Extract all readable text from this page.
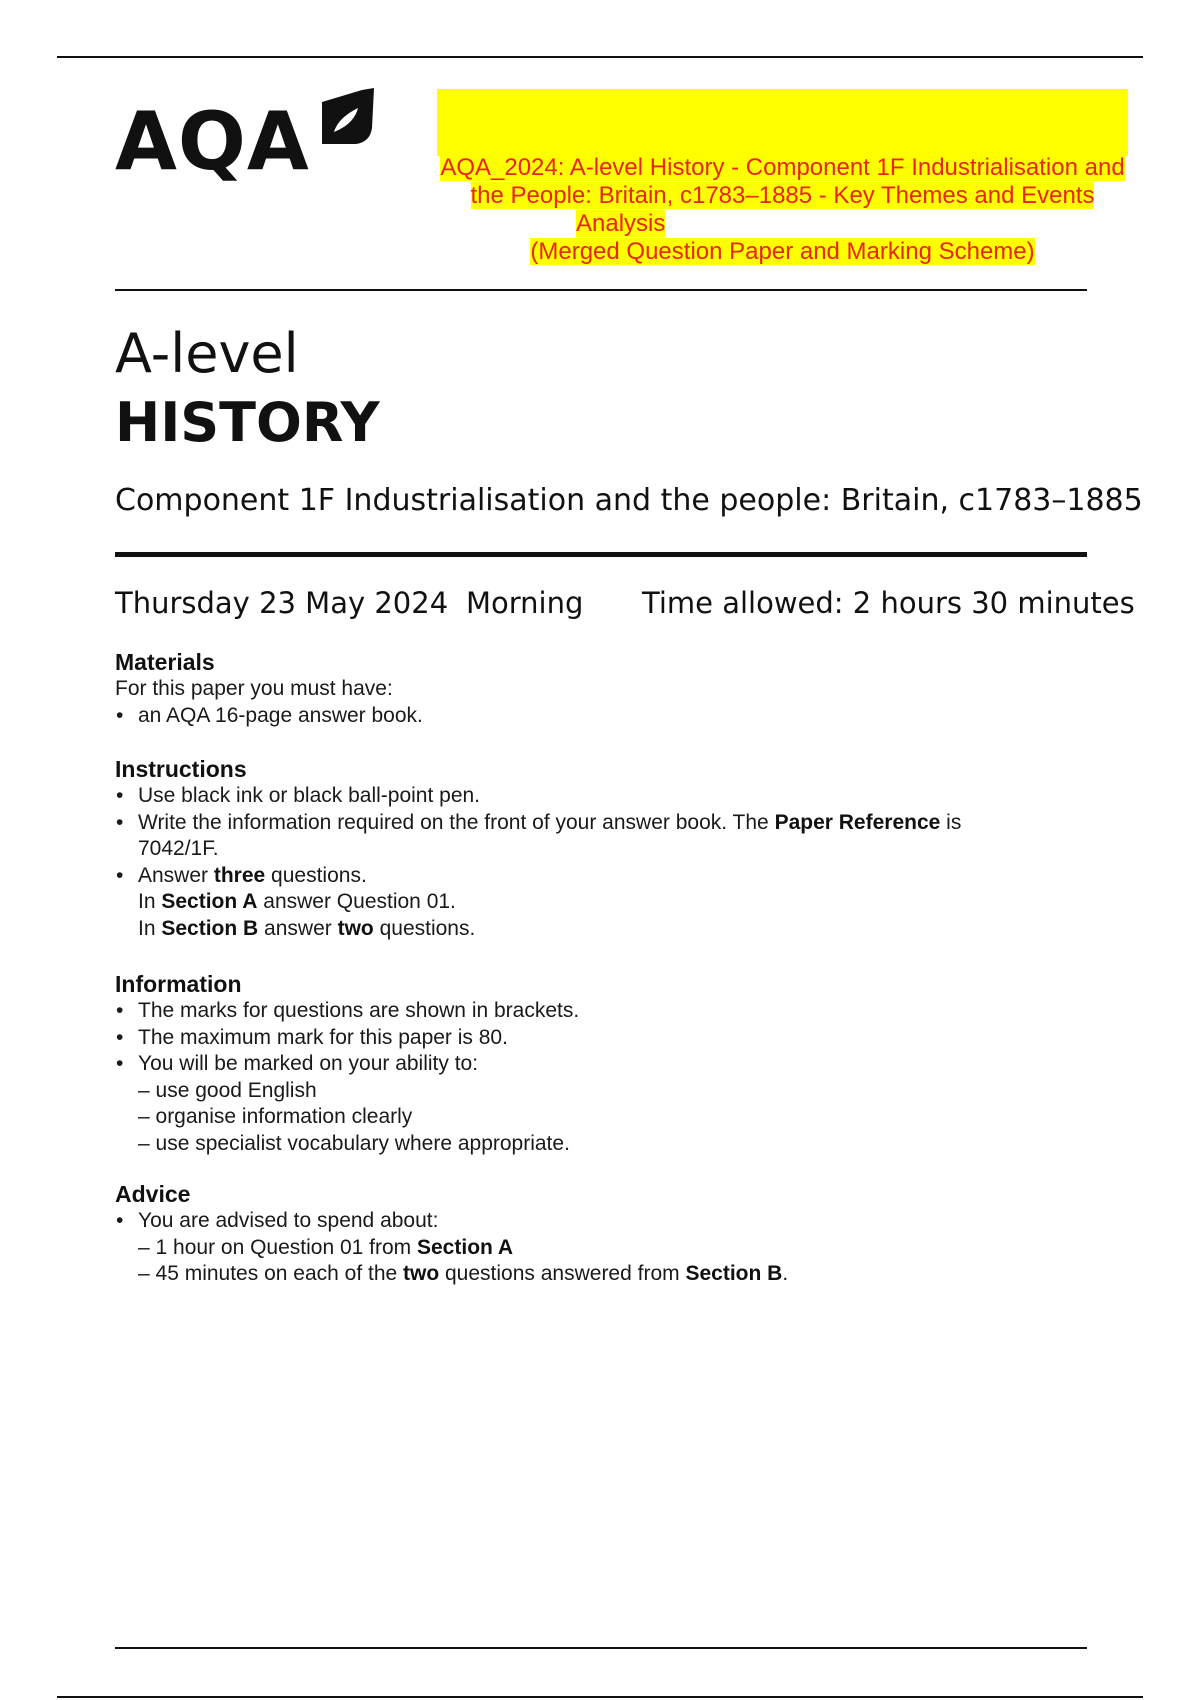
AQA	AQA_2024: A-level History - Component 1F Industrialisation and
the People: Britain, c1783–1885 - Key Themes and Events
Analysis
(Merged Question Paper and Marking Scheme)
A-level
HISTORY
Component 1F Industrialisation and the people: Britain, c1783–1885
Thursday 23 May 2024 Morning Time allowed: 2 hours 30 minutes
Materials

For this paper you must have:

• an AQA 16-page answer book.
Instructions
• Use black ink or black ball-point pen.
• Write the information required on the front of your answer book. The Paper Reference is
7042/1F.
• Answer three questions.
In Section A answer Question 01.
In Section B answer two questions.
Information
• The marks for questions are shown in brackets.
• The maximum mark for this paper is 80.
• You will be marked on your ability to:
– use good English
– organise information clearly
– use specialist vocabulary where appropriate.
Advice
• You are advised to spend about:
– 1 hour on Question 01 from Section A
– 45 minutes on each of the two questions answered from Section B.
